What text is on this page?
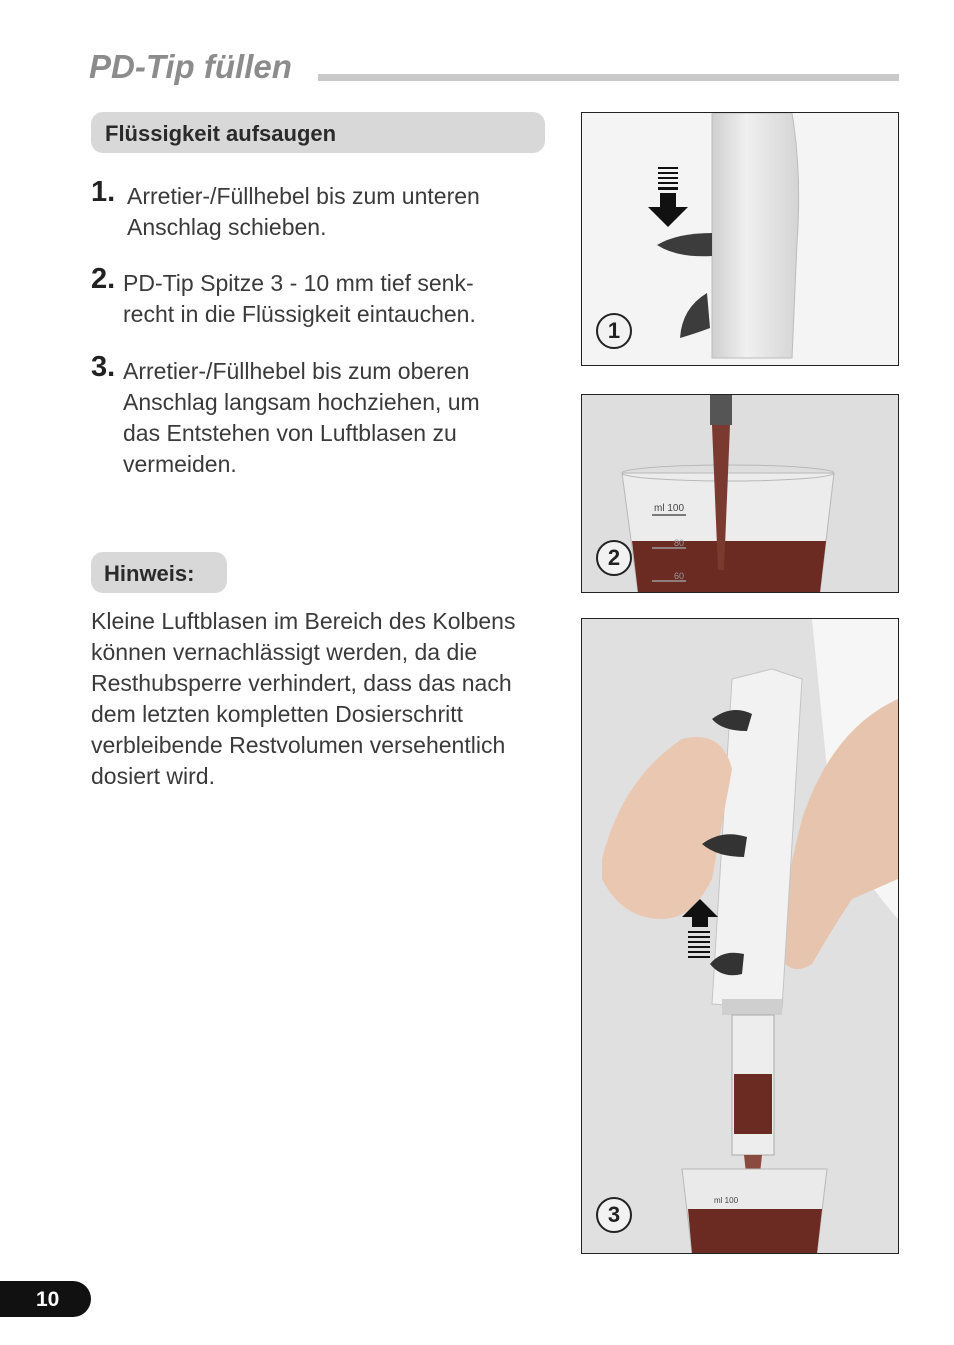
PD-Tip füllen
Flüssigkeit aufsaugen
1. Arretier-/Füllhebel bis zum unteren
Anschlag schieben.
2. PD-Tip Spitze 3 - 10 mm tief senk-
recht in die Flüssigkeit eintauchen.
3. Arretier-/Füllhebel bis zum oberen
Anschlag langsam hochziehen, um
das Entstehen von Luftblasen zu
vermeiden.
Hinweis:
Kleine Luftblasen im Bereich des Kolbens
können vernachlässigt werden, da die
Resthubsperre verhindert, dass das nach
dem letzten kompletten Dosierschritt
verbleibende Restvolumen versehentlich
dosiert wird.
1
ml 100
80
60
2
ml 100
3
10
